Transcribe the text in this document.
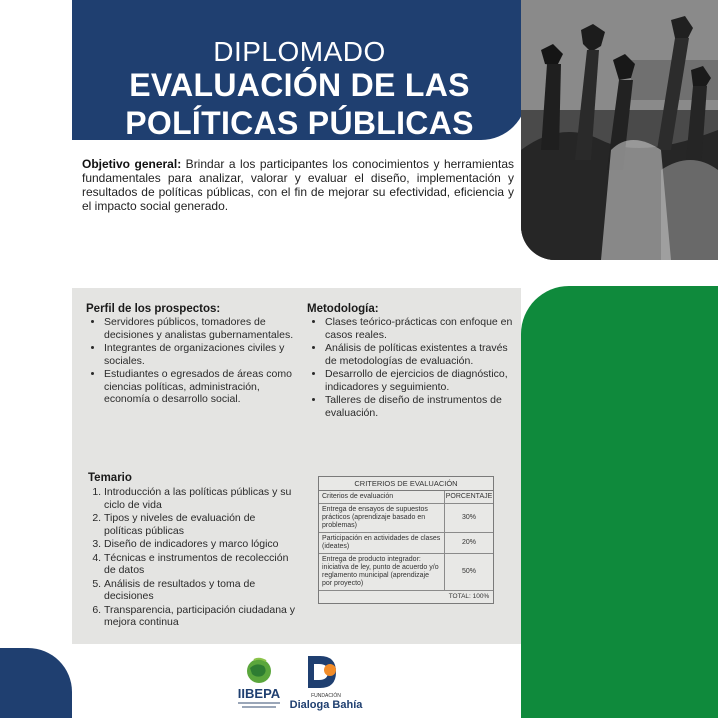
DIPLOMADO
EVALUACIÓN DE LAS
POLÍTICAS PÚBLICAS
Objetivo general: Brindar a los participantes los conocimientos y herramientas fundamentales para analizar, valorar y evaluar el diseño, implementación y resultados de políticas públicas, con el fin de mejorar su efectividad, eficiencia y el impacto social generado.
Perfil de los prospectos:
• Servidores públicos, tomadores de decisiones y analistas gubernamentales.
• Integrantes de organizaciones civiles y sociales.
• Estudiantes o egresados de áreas como ciencias políticas, administración, economía o desarrollo social.
Metodología:
• Clases teórico-prácticas con enfoque en casos reales.
• Análisis de políticas existentes a través de metodologías de evaluación.
• Desarrollo de ejercicios de diagnóstico, indicadores y seguimiento.
• Talleres de diseño de instrumentos de evaluación.
Temario
1. Introducción a las políticas públicas y su ciclo de vida
2. Tipos y niveles de evaluación de políticas públicas
3. Diseño de indicadores y marco lógico
4. Técnicas e instrumentos de recolección de datos
5. Análisis de resultados y toma de decisiones
6. Transparencia, participación ciudadana y mejora continua
CRITERIOS DE EVALUACIÓN
Criterios de evaluación	PORCENTAJE
Entrega de ensayos de supuestos prácticos (aprendizaje basado en problemas)
30%
Participación en actividades de clases (ideates)
20%
Entrega de producto integrador: iniciativa de ley, punto de acuerdo y/o reglamento municipal (aprendizaje por proyecto)
50%
TOTAL: 100%
IIBEPA	FUNDACIÓN
Dialoga Bahía
